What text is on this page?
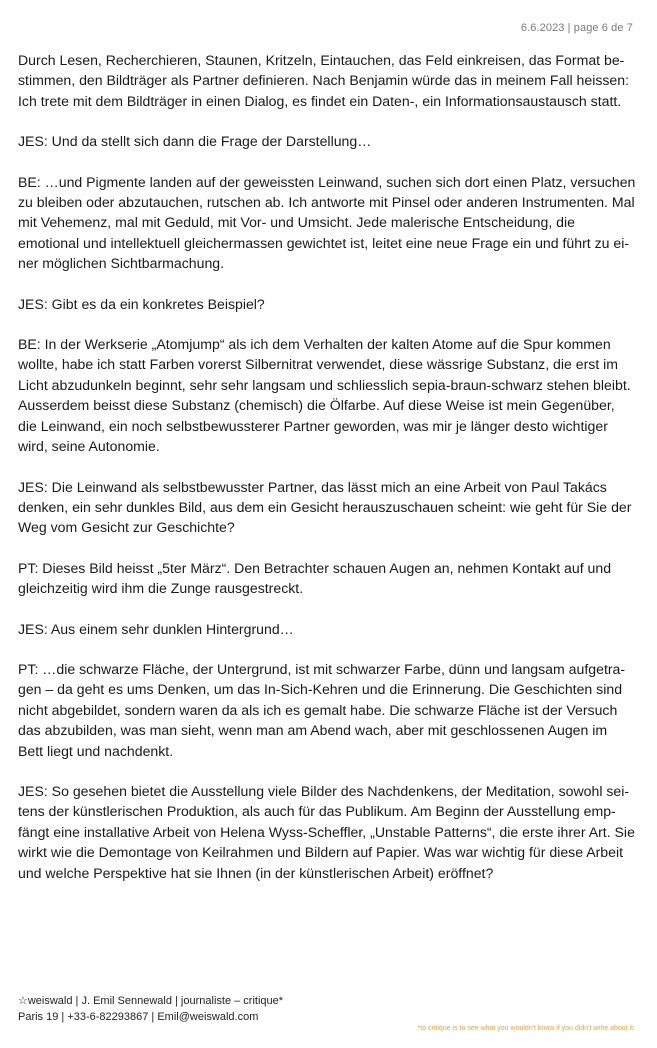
6.6.2023 | page 6 de 7

Durch Lesen, Recherchieren, Staunen, Kritzeln, Eintauchen, das Feld einkreisen, das Format bestimmen, den Bildträger als Partner definieren. Nach Benjamin würde das in meinem Fall heissen: Ich trete mit dem Bildträger in einen Dialog, es findet ein Daten-, ein Informationsaustausch statt.

JES: Und da stellt sich dann die Frage der Darstellung…

BE: …und Pigmente landen auf der geweissten Leinwand, suchen sich dort einen Platz, versuchen zu bleiben oder abzutauchen, rutschen ab. Ich antworte mit Pinsel oder anderen Instrumenten. Mal mit Vehemenz, mal mit Geduld, mit Vor- und Umsicht. Jede malerische Entscheidung, die emotional und intellektuell gleichermassen gewichtet ist, leitet eine neue Frage ein und führt zu einer möglichen Sichtbarmachung.

JES: Gibt es da ein konkretes Beispiel?

BE: In der Werkserie „Atomjump“ als ich dem Verhalten der kalten Atome auf die Spur kommen wollte, habe ich statt Farben vorerst Silbernitrat verwendet, diese wässrige Substanz, die erst im Licht abzudunkeln beginnt, sehr sehr langsam und schliesslich sepia-braun-schwarz stehen bleibt. Ausserdem beisst diese Substanz (chemisch) die Ölfarbe. Auf diese Weise ist mein Gegenüber, die Leinwand, ein noch selbstbewussterer Partner geworden, was mir je länger desto wichtiger wird, seine Autonomie.

JES: Die Leinwand als selbstbewusster Partner, das lässt mich an eine Arbeit von Paul Takács denken, ein sehr dunkles Bild, aus dem ein Gesicht herauszuschauen scheint: wie geht für Sie der Weg vom Gesicht zur Geschichte?

PT: Dieses Bild heisst „5ter März“. Den Betrachter schauen Augen an, nehmen Kontakt auf und gleichzeitig wird ihm die Zunge rausgestreckt.

JES: Aus einem sehr dunklen Hintergrund…

PT: …die schwarze Fläche, der Untergrund, ist mit schwarzer Farbe, dünn und langsam aufgetragen – da geht es ums Denken, um das In-Sich-Kehren und die Erinnerung. Die Geschichten sind nicht abgebildet, sondern waren da als ich es gemalt habe. Die schwarze Fläche ist der Versuch das abzubilden, was man sieht, wenn man am Abend wach, aber mit geschlossenen Augen im Bett liegt und nachdenkt.

JES: So gesehen bietet die Ausstellung viele Bilder des Nachdenkens, der Meditation, sowohl seitens der künstlerischen Produktion, als auch für das Publikum. Am Beginn der Ausstellung empfängt eine installative Arbeit von Helena Wyss-Scheffler, „Unstable Patterns“, die erste ihrer Art. Sie wirkt wie die Demontage von Keilrahmen und Bildern auf Papier. Was war wichtig für diese Arbeit und welche Perspektive hat sie Ihnen (in der künstlerischen Arbeit) eröffnet?

☆weiswald | J. Emil Sennewald | journaliste – critique*
Paris 19 | +33-6-82293867 | Emil@weiswald.com
*to critique is to see what you wouldn't know if you didn't write about it.
